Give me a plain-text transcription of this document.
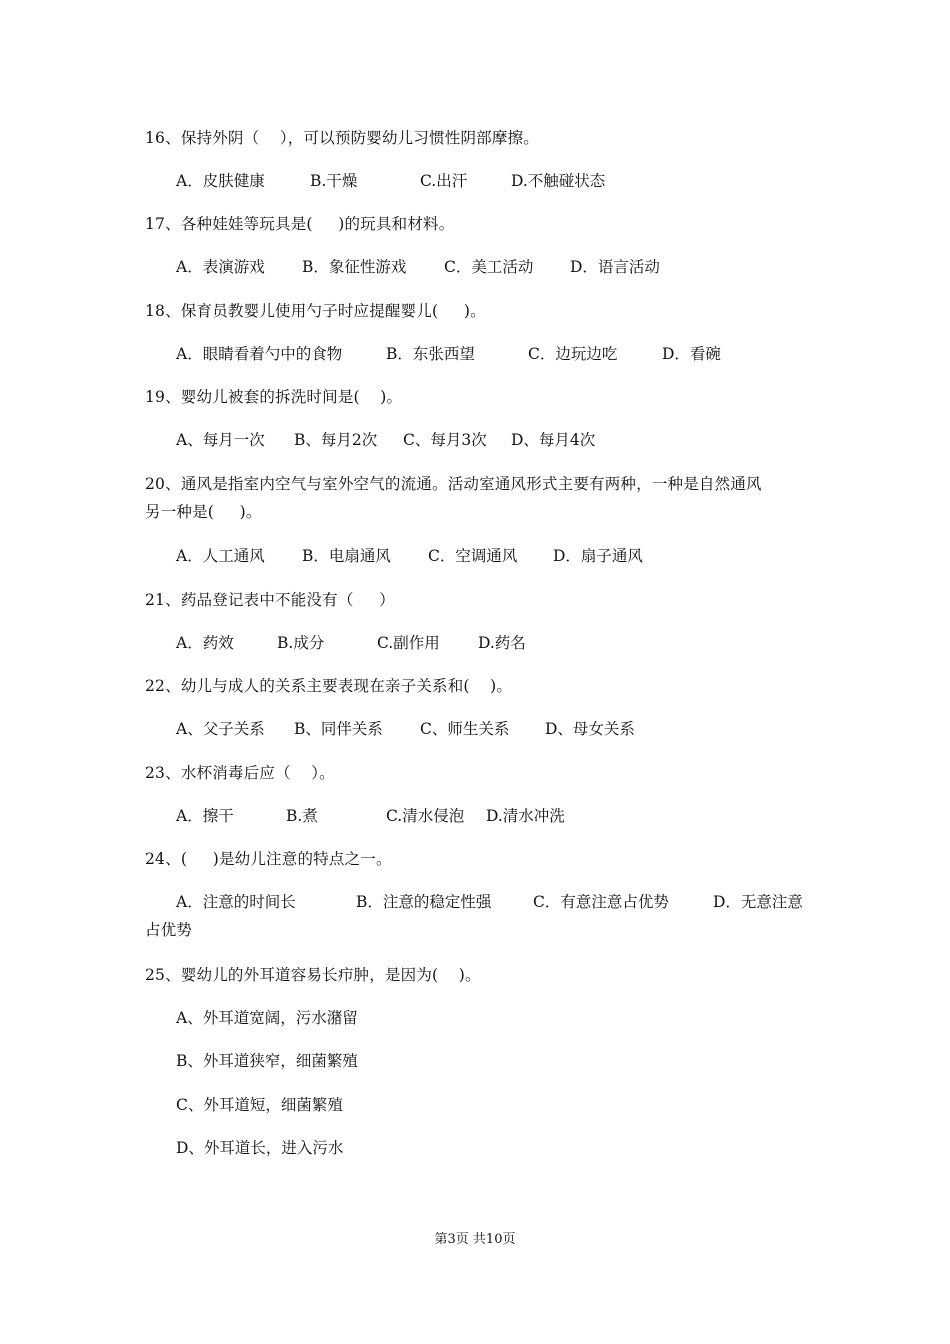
16、保持外阴（    ），可以预防婴幼儿习惯性阴部摩擦。
A．皮肤健康	B.干燥	C.出汗	D.不触碰状态
17、各种娃娃等玩具是(     )的玩具和材料。
A．表演游戏 B．象征性游戏 C．美工活动 D．语言活动
18、保育员教婴儿使用勺子时应提醒婴儿(     )。
A．眼睛看着勺中的食物	B．东张西望	C．边玩边吃	D．看碗
19、婴幼儿被套的拆洗时间是(    )。
A、每月一次 B、每月2次 C、每月3次 D、每月4次
20、通风是指室内空气与室外空气的流通。活动室通风形式主要有两种，一种是自然通风
另一种是(     )。
A．人工通风 B．电扇通风 C．空调通风 D．扇子通风
21、药品登记表中不能没有（     ）
A．药效	B.成分	C.副作用 D.药名
22、幼儿与成人的关系主要表现在亲子关系和(    )。
A、父子关系 B、同伴关系 C、师生关系 D、母女关系
23、水杯消毒后应（    ）。
A．擦干	B.煮	C.清水侵泡 D.清水冲洗
24、(     )是幼儿注意的特点之一。
A．注意的时间长	B．注意的稳定性强	C．有意注意占优势	D．无意注意
占优势
25、婴幼儿的外耳道容易长疖肿，是因为(    )。
A、外耳道宽阔，污水潴留
B、外耳道狭窄，细菌繁殖
C、外耳道短，细菌繁殖
D、外耳道长，进入污水
第3页 共10页
